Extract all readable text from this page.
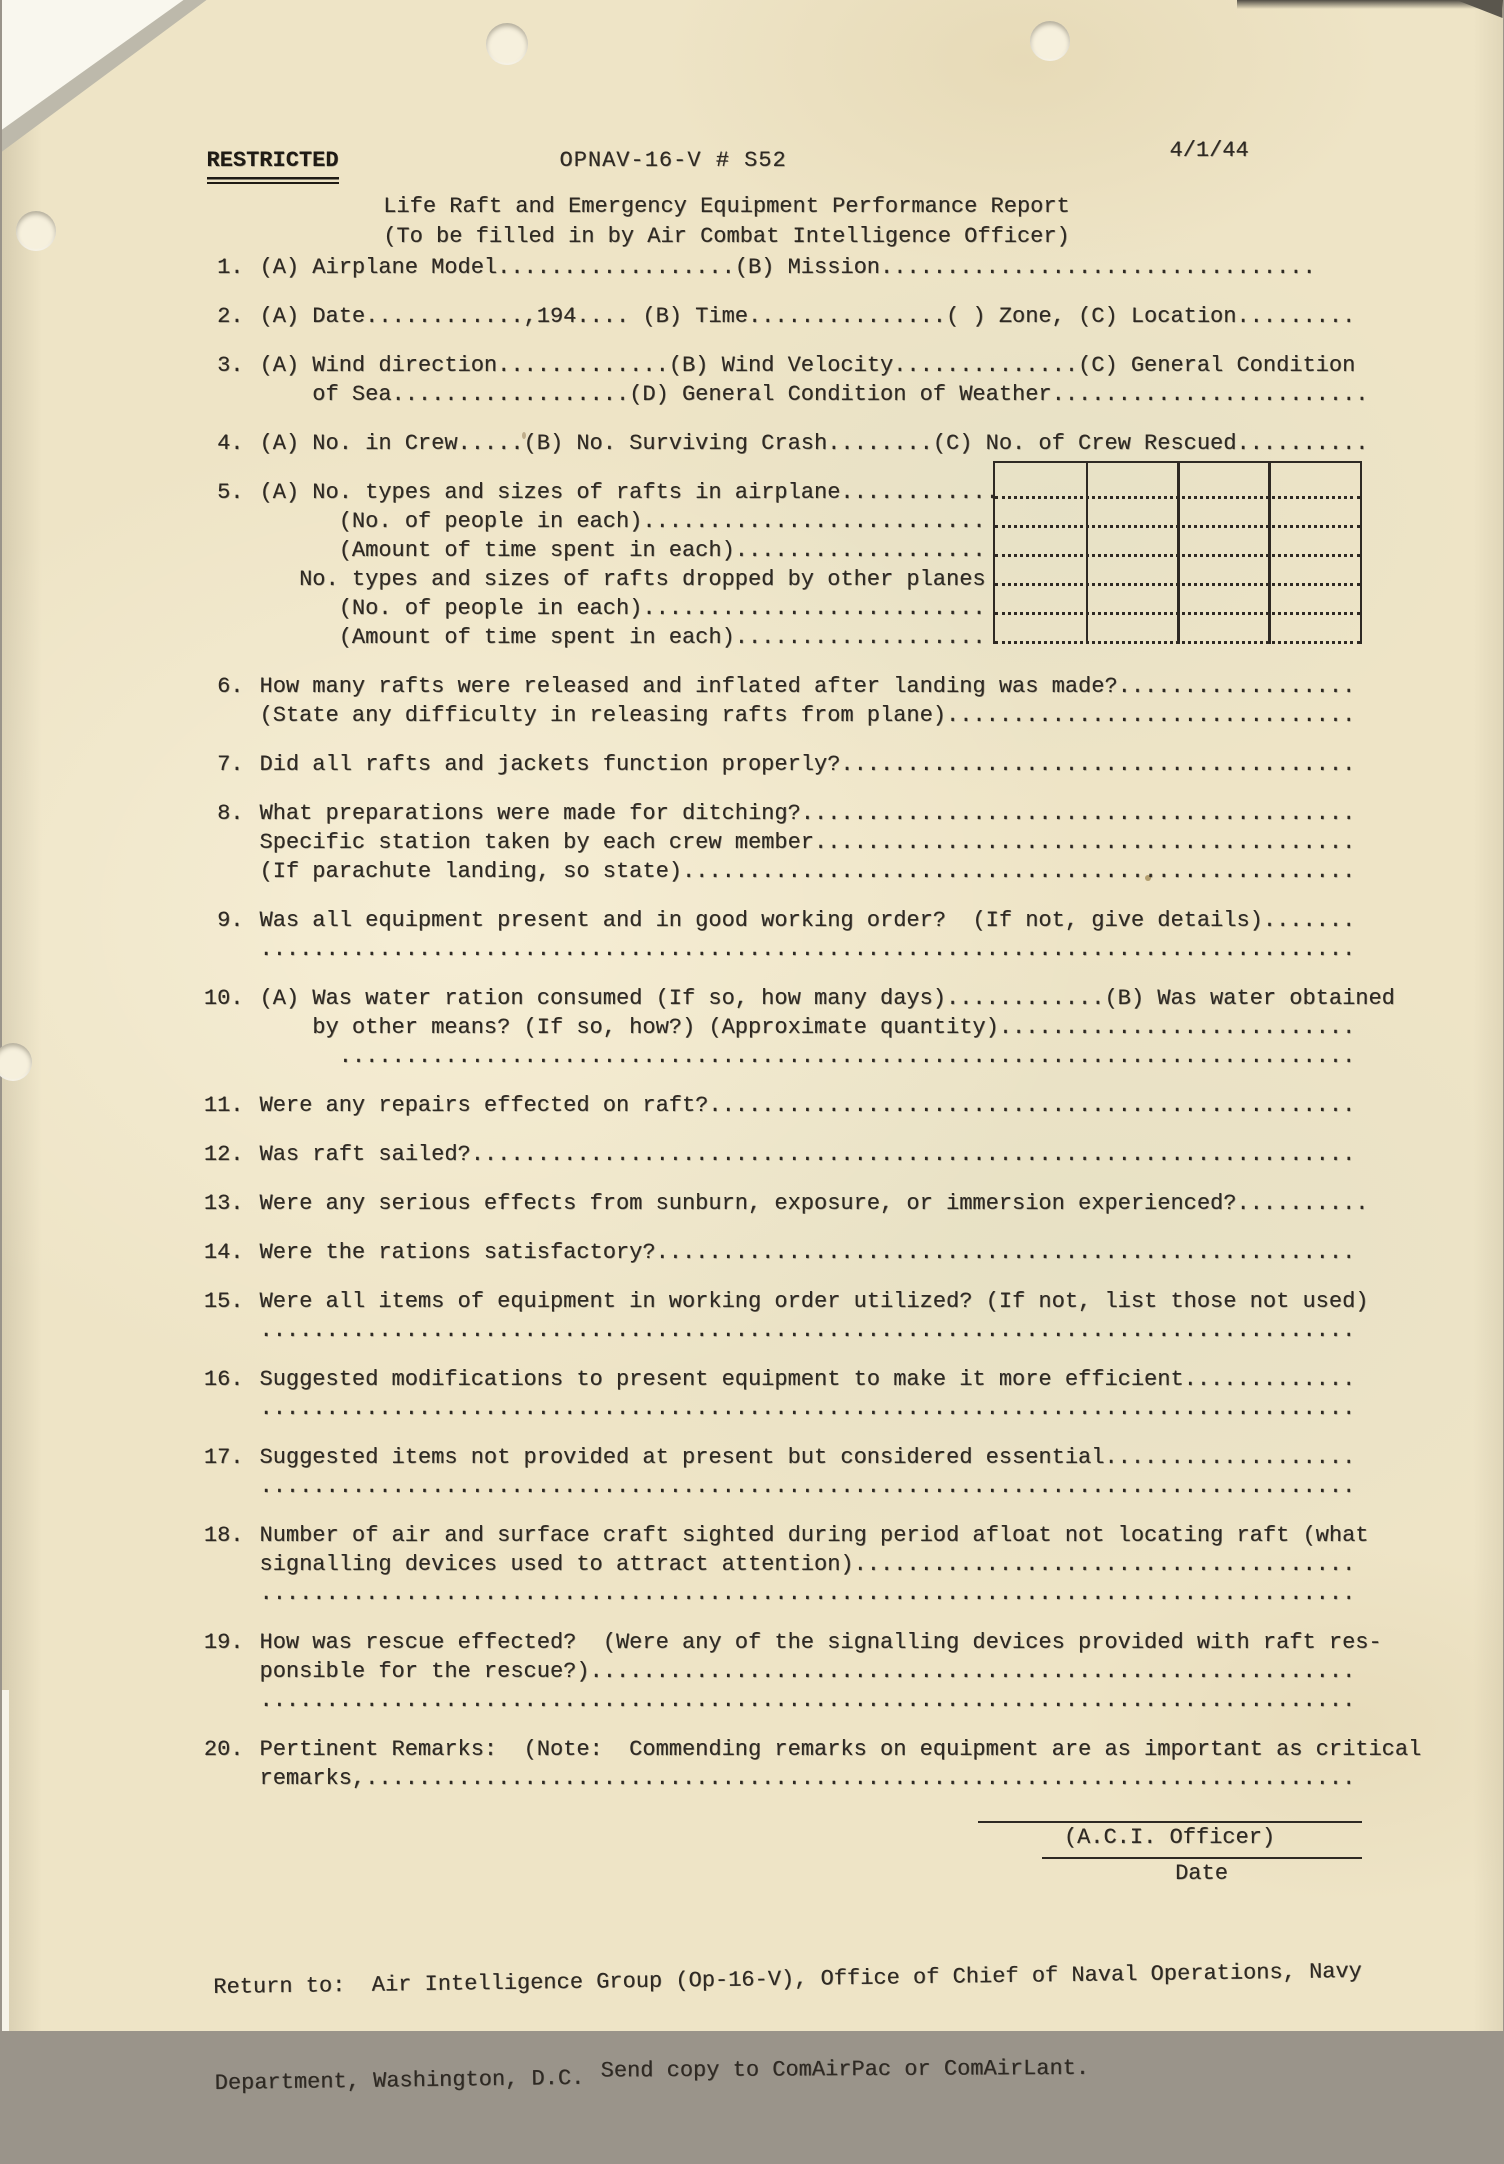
RESTRICTED	OPNAV-16-V # S52	4/1/44
Life Raft and Emergency Equipment Performance Report
(To be filled in by Air Combat Intelligence Officer)
1. (A) Airplane Model..................(B) Mission.................................
2. (A) Date............,194.... (B) Time...............( ) Zone, (C) Location.........
3. (A) Wind direction.............(B) Wind Velocity..............(C) General Condition
of Sea..................(D) General Condition of Weather........................
4. (A) No. in Crew.....(B) No. Surviving Crash........(C) No. of Crew Rescued..........
5. (A) No. types and sizes of rafts in airplane............
(No. of people in each)..........................
(Amount of time spent in each)...................
No. types and sizes of rafts dropped by other planes
(No. of people in each)..........................
(Amount of time spent in each)...................
6. How many rafts were released and inflated after landing was made?..................
(State any difficulty in releasing rafts from plane)...............................
7. Did all rafts and jackets function properly?.......................................
8. What preparations were made for ditching?..........................................
Specific station taken by each crew member.........................................
(If parachute landing, so state)...................................................
9. Was all equipment present and in good working order?  (If not, give details).......
...................................................................................
10. (A) Was water ration consumed (If so, how many days)............(B) Was water obtained
by other means? (If so, how?) (Approximate quantity)...........................
.............................................................................
11. Were any repairs effected on raft?.................................................
12. Was raft sailed?...................................................................
13. Were any serious effects from sunburn, exposure, or immersion experienced?..........
14. Were the rations satisfactory?.....................................................
15. Were all items of equipment in working order utilized? (If not, list those not used)
...................................................................................
16. Suggested modifications to present equipment to make it more efficient.............
...................................................................................
17. Suggested items not provided at present but considered essential...................
...................................................................................
18. Number of air and surface craft sighted during period afloat not locating raft (what
signalling devices used to attract attention)......................................
...................................................................................
19. How was rescue effected?  (Were any of the signalling devices provided with raft res-
ponsible for the rescue?)..........................................................
...................................................................................
20. Pertinent Remarks:  (Note:  Commending remarks on equipment are as important as critical
remarks,...........................................................................
(A.C.I. Officer)
Date

Return to:  Air Intelligence Group (Op-16-V), Office of Chief of Naval Operations, Navy

Department, Washington, D.C. Send copy to ComAirPac or ComAirLant.
